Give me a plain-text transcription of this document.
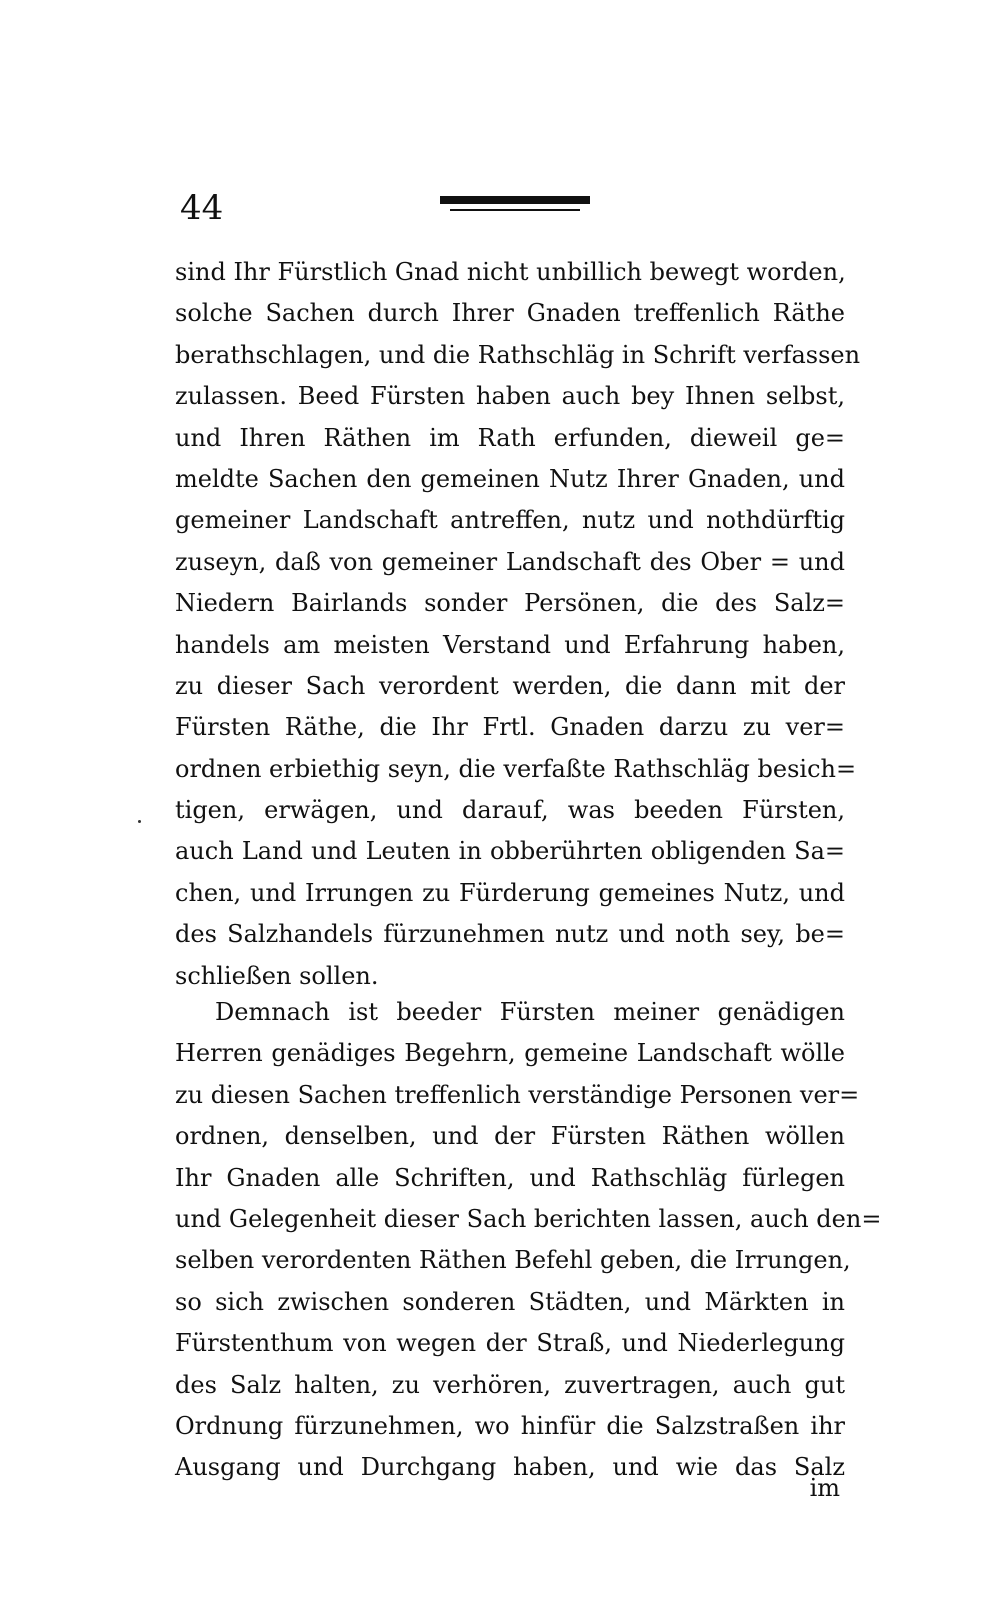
44

sind Ihr Fürstlich Gnad nicht unbillich bewegt worden,
solche Sachen durch Ihrer Gnaden treffenlich Räthe
berathschlagen, und die Rathschläg in Schrift verfassen
zulassen. Beed Fürsten haben auch bey Ihnen selbst,
und Ihren Räthen im Rath erfunden, dieweil ge=
meldte Sachen den gemeinen Nutz Ihrer Gnaden, und
gemeiner Landschaft antreffen, nutz und nothdürftig
zuseyn, daß von gemeiner Landschaft des Ober = und
Niedern Bairlands sonder Persönen, die des Salz=
handels am meisten Verstand und Erfahrung haben,
zu dieser Sach verordent werden, die dann mit der
Fürsten Räthe, die Ihr Frtl. Gnaden darzu zu ver=
ordnen erbiethig seyn, die verfaßte Rathschläg besich=
tigen, erwägen, und darauf, was beeden Fürsten,
auch Land und Leuten in obberührten obligenden Sa=
chen, und Irrungen zu Fürderung gemeines Nutz, und
des Salzhandels fürzunehmen nutz und noth sey, be=
schließen sollen.

Demnach ist beeder Fürsten meiner genädigen
Herren genädiges Begehrn, gemeine Landschaft wölle
zu diesen Sachen treffenlich verständige Personen ver=
ordnen, denselben, und der Fürsten Räthen wöllen
Ihr Gnaden alle Schriften, und Rathschläg fürlegen
und Gelegenheit dieser Sach berichten lassen, auch den=
selben verordenten Räthen Befehl geben, die Irrungen,
so sich zwischen sonderen Städten, und Märkten in
Fürstenthum von wegen der Straß, und Niederlegung
des Salz halten, zu verhören, zuvertragen, auch gut
Ordnung fürzunehmen, wo hinfür die Salzstraßen ihr
Ausgang und Durchgang haben, und wie das Salz

im
